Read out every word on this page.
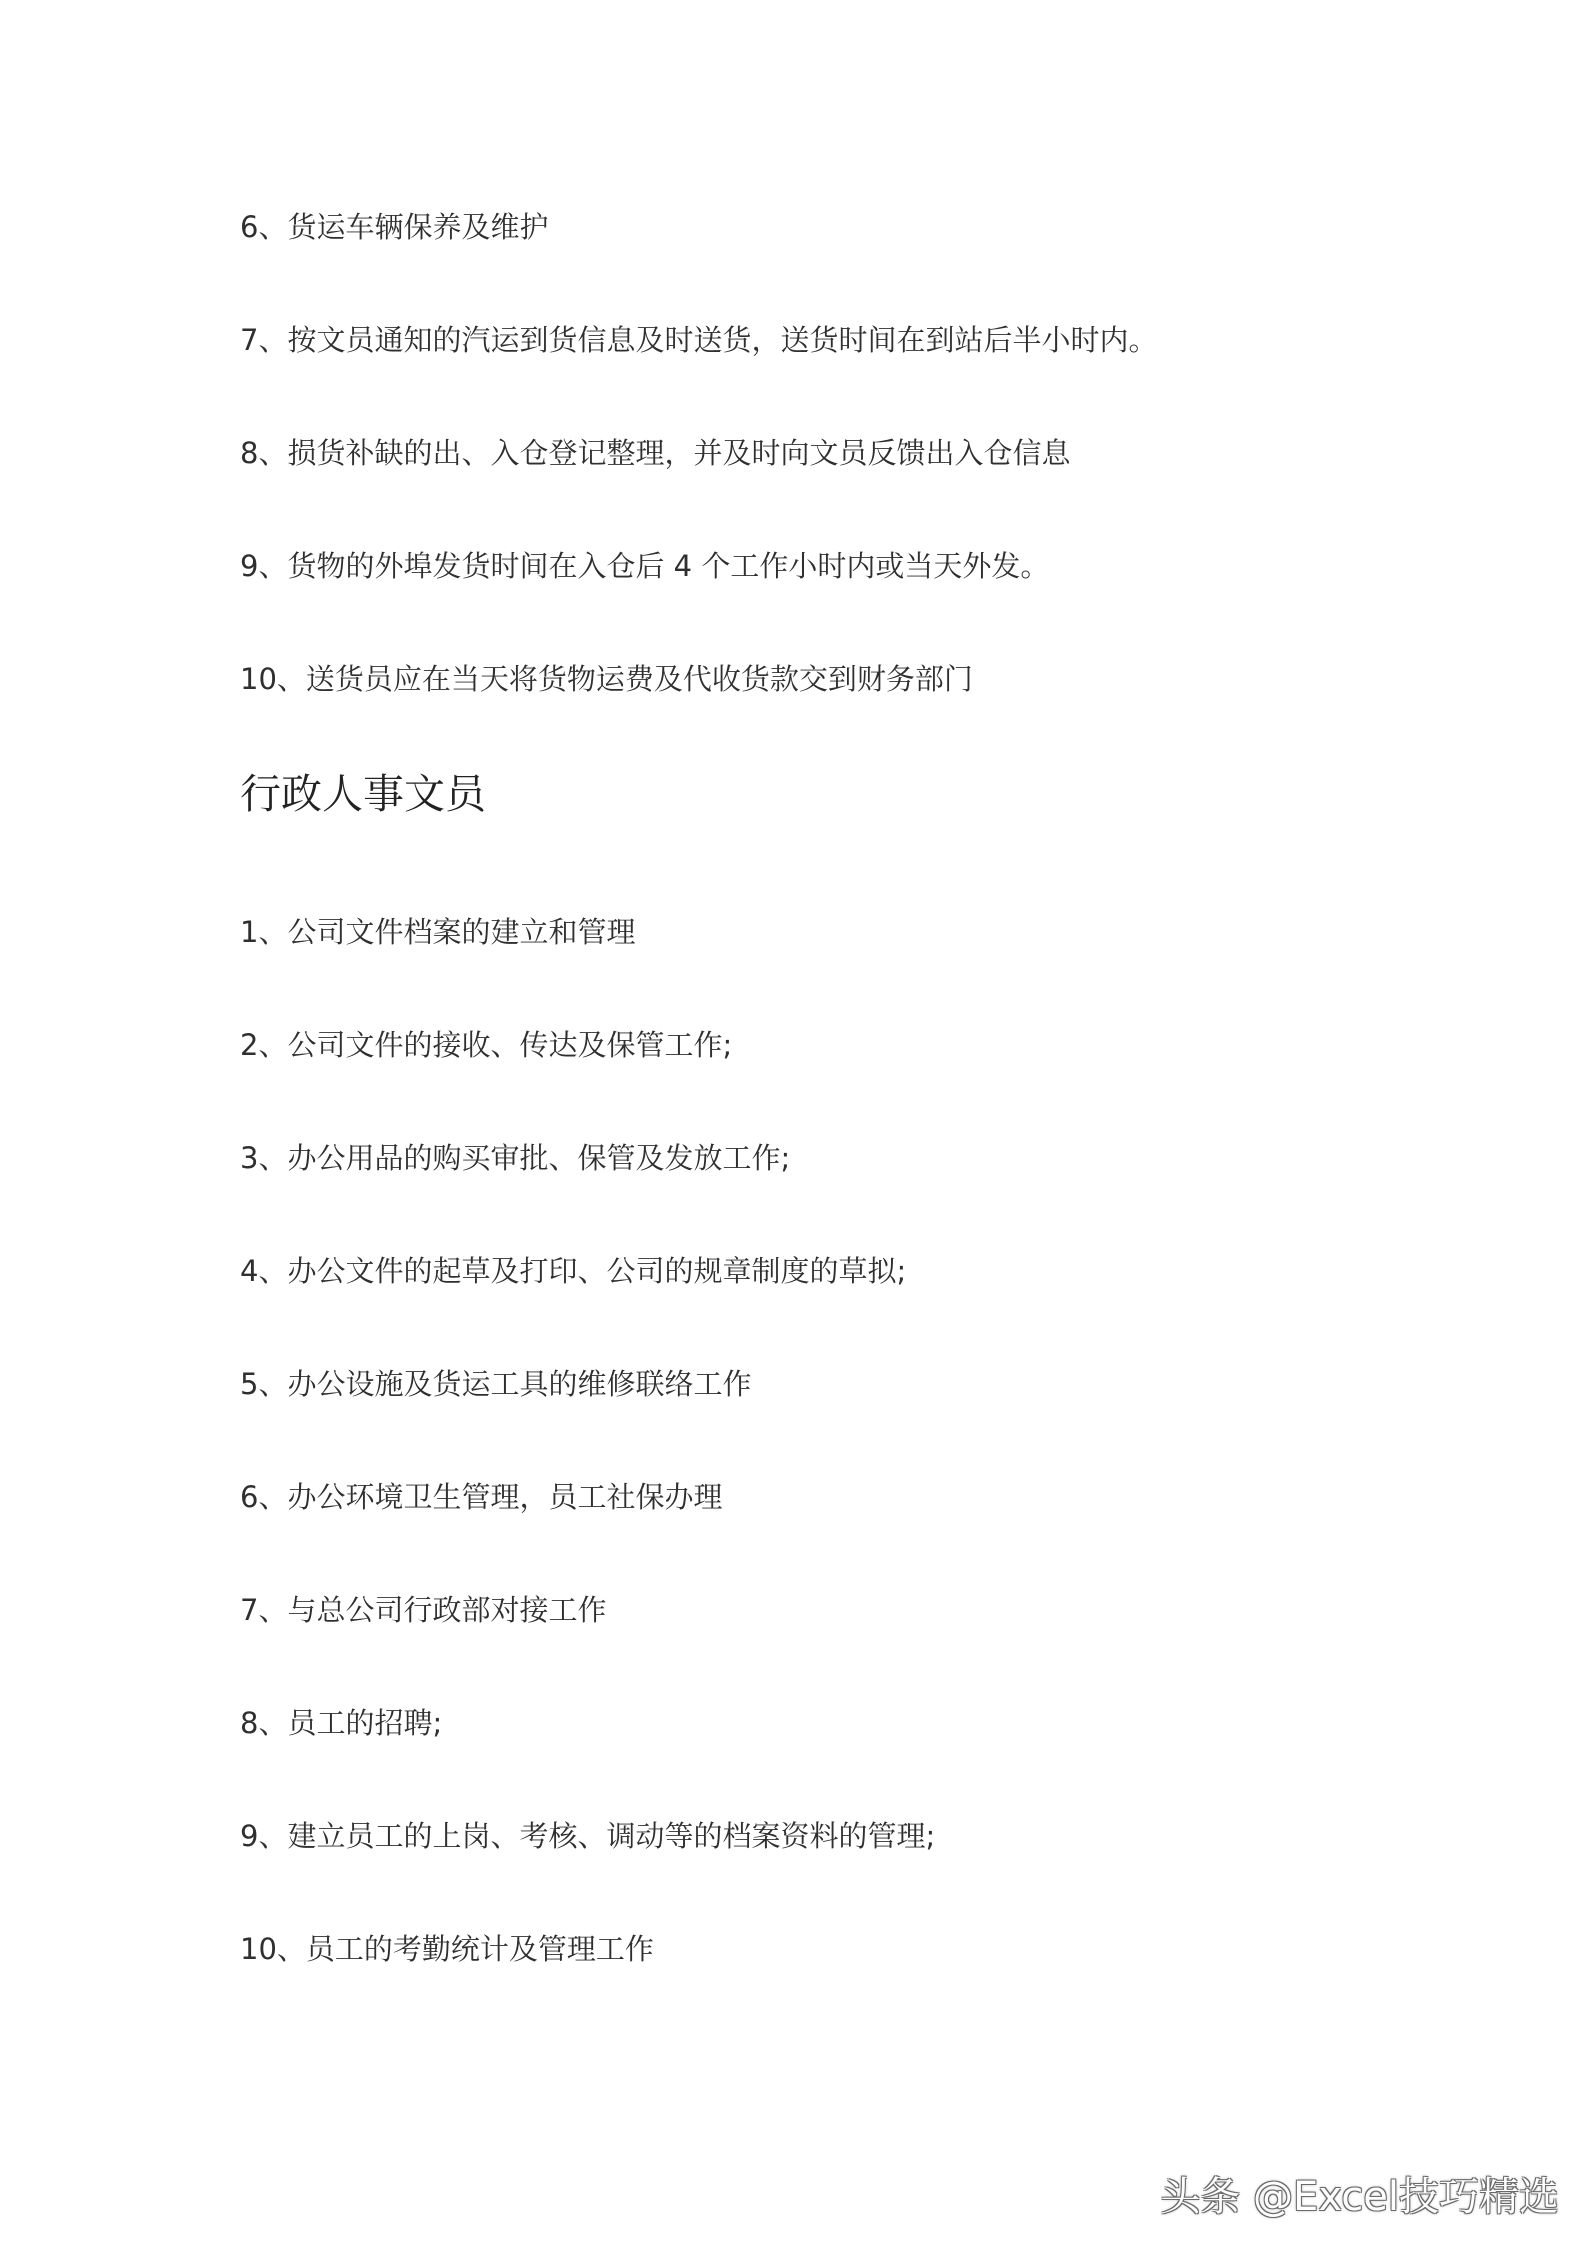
6、货运车辆保养及维护
7、按文员通知的汽运到货信息及时送货，送货时间在到站后半小时内。
8、损货补缺的出、入仓登记整理，并及时向文员反馈出入仓信息
9、货物的外埠发货时间在入仓后 4 个工作小时内或当天外发。
10、送货员应在当天将货物运费及代收货款交到财务部门
行政人事文员
1、公司文件档案的建立和管理
2、公司文件的接收、传达及保管工作;
3、办公用品的购买审批、保管及发放工作;
4、办公文件的起草及打印、公司的规章制度的草拟;
5、办公设施及货运工具的维修联络工作
6、办公环境卫生管理，员工社保办理
7、与总公司行政部对接工作
8、员工的招聘;
9、建立员工的上岗、考核、调动等的档案资料的管理;
10、员工的考勤统计及管理工作
头条 @Excel技巧精选
